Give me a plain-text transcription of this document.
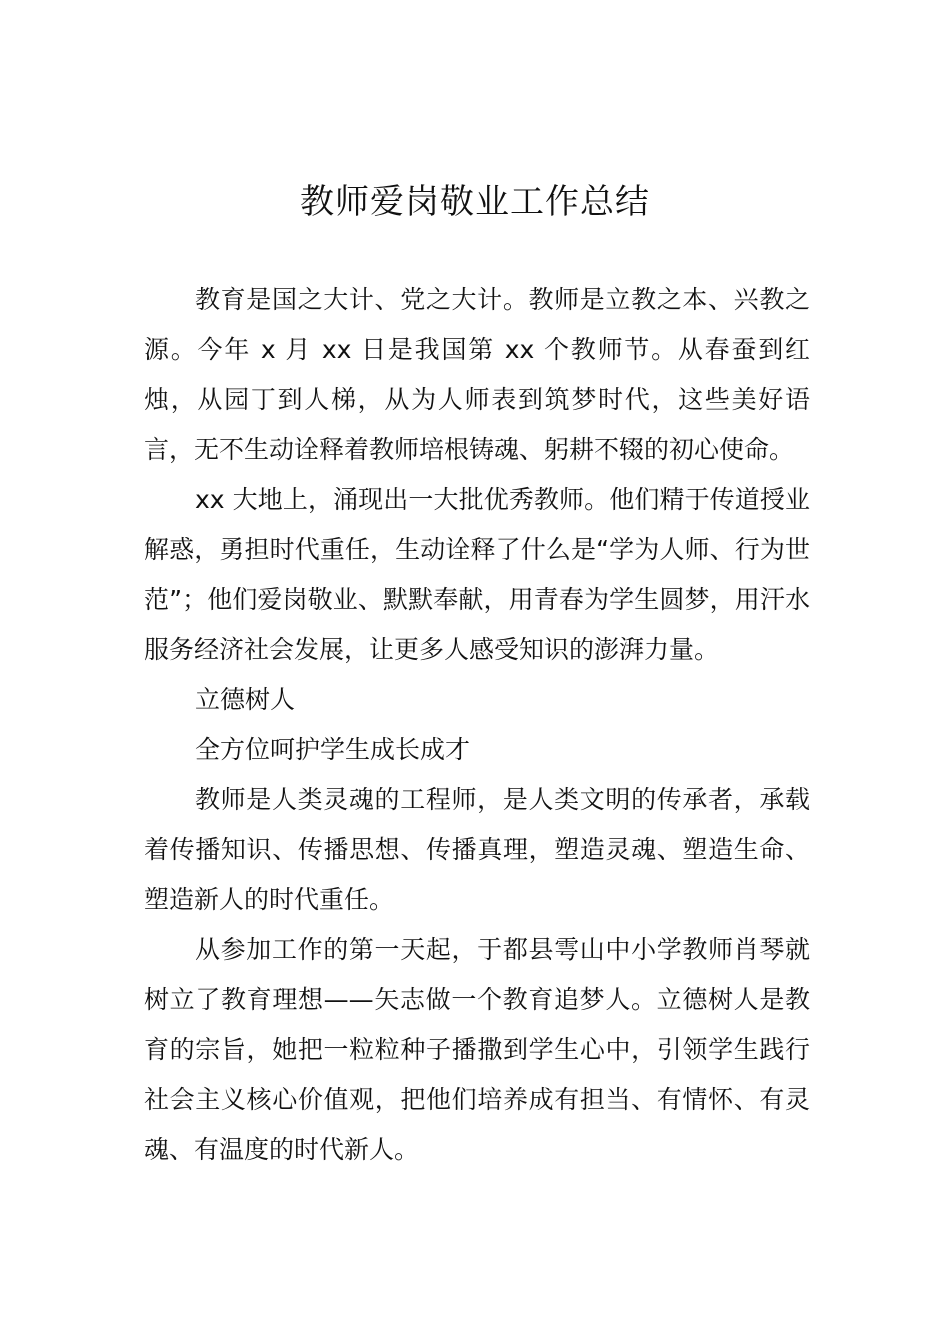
教师爱岗敬业工作总结

教育是国之大计、党之大计。教师是立教之本、兴教之源。今年 x 月 xx 日是我国第 xx 个教师节。从春蚕到红烛，从园丁到人梯，从为人师表到筑梦时代，这些美好语言，无不生动诠释着教师培根铸魂、躬耕不辍的初心使命。

xx 大地上，涌现出一大批优秀教师。他们精于传道授业解惑，勇担时代重任，生动诠释了什么是“学为人师、行为世范”；他们爱岗敬业、默默奉献，用青春为学生圆梦，用汗水服务经济社会发展，让更多人感受知识的澎湃力量。

立德树人

全方位呵护学生成长成才

教师是人类灵魂的工程师，是人类文明的传承者，承载着传播知识、传播思想、传播真理，塑造灵魂、塑造生命、塑造新人的时代重任。

从参加工作的第一天起，于都县雩山中小学教师肖琴就树立了教育理想——矢志做一个教育追梦人。立德树人是教育的宗旨，她把一粒粒种子播撒到学生心中，引领学生践行社会主义核心价值观，把他们培养成有担当、有情怀、有灵魂、有温度的时代新人。
